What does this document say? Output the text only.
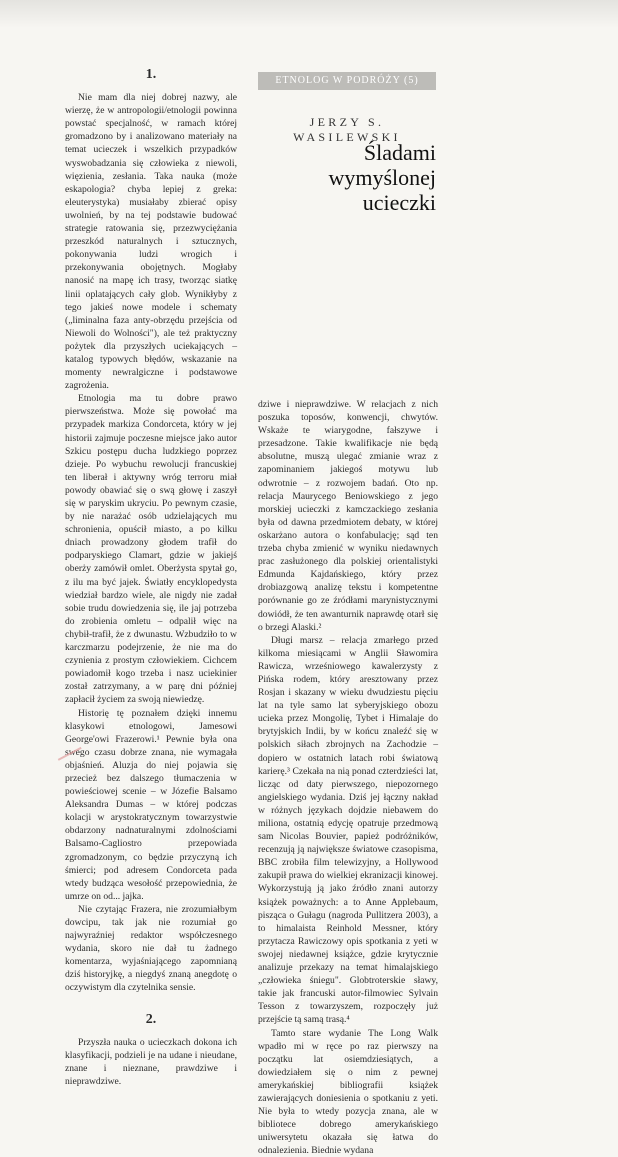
1.

Nie mam dla niej dobrej nazwy, ale wierzę, że w antropologii/etnologii powinna powstać specjalność, w ramach której gromadzono by i analizowano materiały na temat ucieczek i wszelkich przypadków wyswobadzania się człowieka z niewoli, więzienia, zesłania. Taka nauka (może eskapologia? chyba lepiej z greka: eleuterystyka) musiałaby zbierać opisy uwolnień, by na tej podstawie budować strategie ratowania się, przezwyciężania przeszkód naturalnych i sztucznych, pokonywania ludzi wrogich i przekonywania obojętnych. Mogłaby nanosić na mapę ich trasy, tworząc siatkę linii oplatających cały glob. Wynikłyby z tego jakieś nowe modele i schematy („liminalna faza anty-obrzędu przejścia od Niewoli do Wolności"), ale też praktyczny pożytek dla przyszłych uciekających – katalog typowych błędów, wskazanie na momenty newralgiczne i podstawowe zagrożenia.

Etnologia ma tu dobre prawo pierwszeństwa. Może się powołać ma przypadek markiza Condorceta, który w jej historii zajmuje poczesne miejsce jako autor Szkicu postępu ducha ludzkiego poprzez dzieje. Po wybuchu rewolucji francuskiej ten liberał i aktywny wróg terroru miał powody obawiać się o swą głowę i zaszył się w paryskim ukryciu. Po pewnym czasie, by nie narażać osób udzielających mu schronienia, opuścił miasto, a po kilku dniach prowadzony głodem trafił do podparyskiego Clamart, gdzie w jakiejś oberży zamówił omlet. Oberżysta spytał go, z ilu ma być jajek. Światły encyklopedysta wiedział bardzo wiele, ale nigdy nie zadał sobie trudu dowiedzenia się, ile jaj potrzeba do zrobienia omletu – odpalił więc na chybił-trafił, że z dwunastu. Wzbudziło to w karczmarzu podejrzenie, że nie ma do czynienia z prostym człowiekiem. Cichcem powiadomił kogo trzeba i nasz uciekinier został zatrzymany, a w parę dni później zapłacił życiem za swoją niewiedzę.

Historię tę poznałem dzięki innemu klasykowi etnologowi, Jamesowi George'owi Frazerowi.¹ Pewnie była ona swego czasu dobrze znana, nie wymagała objaśnień. Aluzja do niej pojawia się przecież bez dalszego tłumaczenia w powieściowej scenie – w Józefie Balsamo Aleksandra Dumas – w której podczas kolacji w arystokratycznym towarzystwie obdarzony nadnaturalnymi zdolnościami Balsamo-Cagliostro przepowiada zgromadzonym, co będzie przyczyną ich śmierci; pod adresem Condorceta pada wtedy budząca wesołość przepowiednia, że umrze on od... jajka.

Nie czytając Frazera, nie zrozumiałbym dowcipu, tak jak nie rozumiał go najwyraźniej redaktor współczesnego wydania, skoro nie dał tu żadnego komentarza, wyjaśniającego zapomnianą dziś historyjkę, a niegdyś znaną anegdotę o oczywistym dla czytelnika sensie.

2.

Przyszła nauka o ucieczkach dokona ich klasyfikacji, podzieli je na udane i nieudane, znane i nieznane, prawdziwe i nieprawdziwe.

ETNOLOG W PODRÓŻY (5)
JERZY S. WASILEWSKI
Śladami wymyślonej
ucieczki

dziwe i nieprawdziwe. W relacjach z nich poszuka toposów, konwencji, chwytów. Wskaże te wiarygodne, fałszywe i przesadzone. Takie kwalifikacje nie będą absolutne, muszą ulegać zmianie wraz z zapominaniem jakiegoś motywu lub odwrotnie – z rozwojem badań. Oto np. relacja Maurycego Beniowskiego z jego morskiej ucieczki z kamczackiego zesłania była od dawna przedmiotem debaty, w której oskarżano autora o konfabulację; sąd ten trzeba chyba zmienić w wyniku niedawnych prac zasłużonego dla polskiej orientalistyki Edmunda Kajdańskiego, który przez drobiazgową analizę tekstu i kompetentne porównanie go ze źródłami marynistycznymi dowiódł, że ten awanturnik naprawdę otarł się o brzegi Alaski.²

Długi marsz – relacja zmarłego przed kilkoma miesiącami w Anglii Sławomira Rawicza, wrześniowego kawalerzysty z Pińska rodem, który aresztowany przez Rosjan i skazany w wieku dwudziestu pięciu lat na tyle samo lat syberyjskiego obozu ucieka przez Mongolię, Tybet i Himalaje do brytyjskich Indii, by w końcu znaleźć się w polskich siłach zbrojnych na Zachodzie – dopiero w ostatnich latach robi światową karierę.³ Czekała na nią ponad czterdzieści lat, licząc od daty pierwszego, niepozornego angielskiego wydania. Dziś jej łączny nakład w różnych językach dojdzie niebawem do miliona, ostatnią edycję opatruje przedmową sam Nicolas Bouvier, papież podróżników, recenzują ją największe światowe czasopisma, BBC zrobiła film telewizyjny, a Hollywood zakupił prawa do wielkiej ekranizacji kinowej. Wykorzystują ją jako źródło znani autorzy książek poważnych: a to Anne Applebaum, pisząca o Gułagu (nagroda Pullitzera 2003), a to himalaista Reinhold Messner, który przytacza Rawiczowy opis spotkania z yeti w swojej niedawnej książce, gdzie krytycznie analizuje przekazy na temat himalajskiego „człowieka śniegu". Globtroterskie sławy, takie jak francuski autor-filmowiec Sylvain Tesson z towarzyszem, rozpoczęły już przejście tą samą trasą.⁴

Tamto stare wydanie The Long Walk wpadło mi w ręce po raz pierwszy na początku lat osiemdziesiątych, a dowiedziałem się o nim z pewnej amerykańskiej bibliografii książek zawierających doniesienia o spotkaniu z yeti. Nie była to wtedy pozycja znana, ale w bibliotece dobrego amerykańskiego uniwersytetu okazała się łatwa do odnalezienia. Biednie wydana
